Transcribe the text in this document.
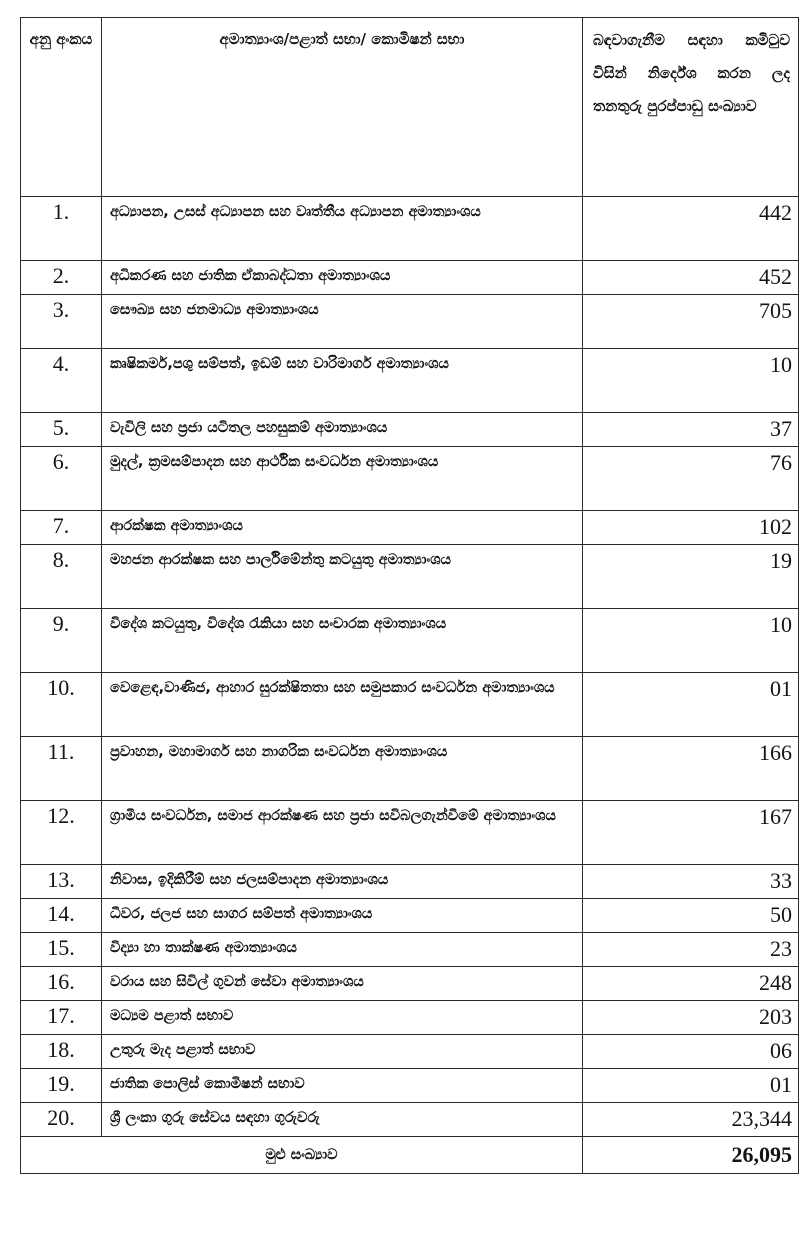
අනු අංකය	අමාත්‍යාංශ/පළාත් සභා/ කොමිෂන් සභා	බඳවාගැනීම සඳහා කමිටුව විසින් නිර්දේශ කරන ලද තනතුරු පුරප්පාඩු සංඛ්‍යාව
1.	අධ්‍යාපන, උසස් අධ්‍යාපන සහ වෘත්තීය අධ්‍යාපන අමාත්‍යාංශය	442
2.	අධිකරණ සහ ජාතික ඒකාබද්ධතා අමාත්‍යාංශය	452
3.	සෞඛ්‍ය සහ ජනමාධ්‍ය අමාත්‍යාංශය	705
4.	කෘෂිකර්ම,පශු සම්පත්, ඉඩම් සහ වාරිමාර්ග අමාත්‍යාංශය	10
5.	වැවිලි සහ ප්‍රජා යටිතල පහසුකම් අමාත්‍යාංශය	37
6.	මුදල්, ක්‍රමසම්පාදන සහ ආර්ථික සංවර්ධන අමාත්‍යාංශය	76
7.	ආරක්ෂක අමාත්‍යාංශය	102
8.	මහජන ආරක්ෂක සහ පාර්ලිමේන්තු කටයුතු අමාත්‍යාංශය	19
9.	විදේශ කටයුතු, විදේශ රැකියා සහ සංචාරක අමාත්‍යාංශය	10
10.	වෙළෙඳ,වාණිජ, ආහාර සුරක්ෂිතතා සහ සමුපකාර සංවර්ධන අමාත්‍යාංශය	01
11.	ප්‍රවාහන, මහාමාර්ග සහ නාගරික සංවර්ධන අමාත්‍යාංශය	166
12.	ග්‍රාමීය සංවර්ධන, සමාජ ආරක්ෂණ සහ ප්‍රජා සවිබලගැන්වීමේ අමාත්‍යාංශය	167
13.	නිවාස, ඉදිකිරීම් සහ ජලසම්පාදන අමාත්‍යාංශය	33
14.	ධීවර, ජලජ සහ සාගර සම්පත් අමාත්‍යාංශය	50
15.	විද්‍යා හා තාක්ෂණ අමාත්‍යාංශය	23
16.	වරාය සහ සිවිල් ගුවන් සේවා අමාත්‍යාංශය	248
17.	මධ්‍යම පළාත් සභාව	203
18.	උතුරු මැද පළාත් සභාව	06
19.	ජාතික පොලිස් කොමිෂන් සභාව	01
20.	ශ්‍රී ලංකා ගුරු සේවය සඳහා ගුරුවරු	23,344
මුළු සංඛ්‍යාව		26,095
